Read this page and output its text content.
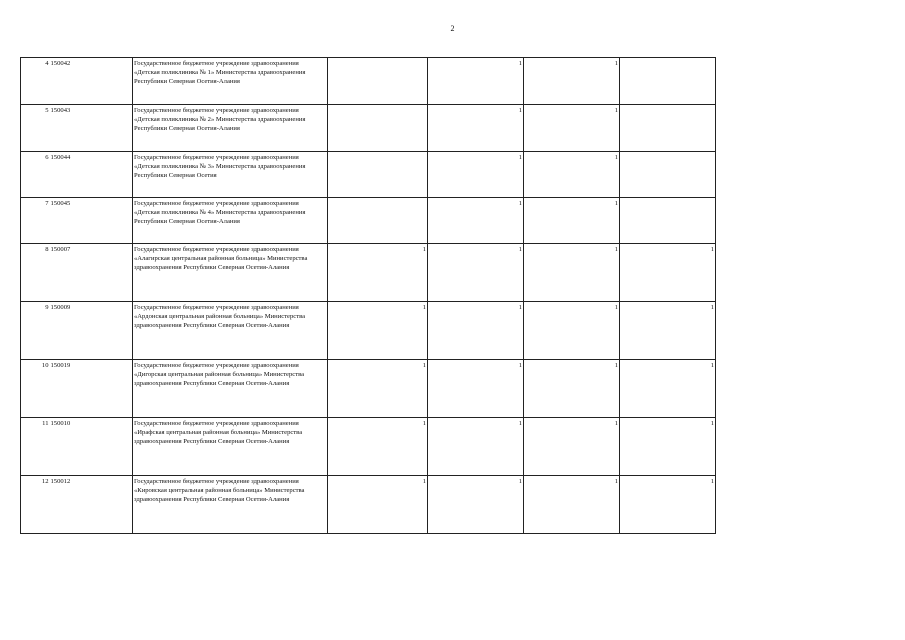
2
4	150042	Государственное бюджетное учреждение здравоохранения «Детская поликлиника № 1» Министерства здравоохранения Республики Северная Осетия-Алания		1	1	
5	150043	Государственное бюджетное учреждение здравоохранения «Детская поликлиника № 2» Министерства здравоохранения Республики Северная Осетия-Алания		1	1	
6	150044	Государственное бюджетное учреждение здравоохранения «Детская поликлиника № 3» Министерства здравоохранения Республики Северная Осетия		1	1	
7	150045	Государственное бюджетное учреждение здравоохранения «Детская поликлиника № 4» Министерства здравоохранения Республики Северная Осетия-Алания		1	1	
8	150007	Государственное бюджетное учреждение здравоохранения «Алагирская центральная районная больница» Министерства здравоохранения Республики Северная Осетия-Алания	1	1	1	1
9	150009	Государственное бюджетное учреждение здравоохранения «Ардонская центральная районная больница» Министерства здравоохранения Республики Северная Осетия-Алания	1	1	1	1
10	150019	Государственное бюджетное учреждение здравоохранения «Дигорская центральная районная больница» Министерства здравоохранения Республики Северная Осетия-Алания	1	1	1	1
11	150010	Государственное бюджетное учреждение здравоохранения «Ирафская центральная районная больница» Министерства здравоохранения Республики Северная Осетия-Алания	1	1	1	1
12	150012	Государственное бюджетное учреждение здравоохранения «Кировская центральная районная больница» Министерства здравоохранения Республики Северная Осетия-Алания	1	1	1	1
